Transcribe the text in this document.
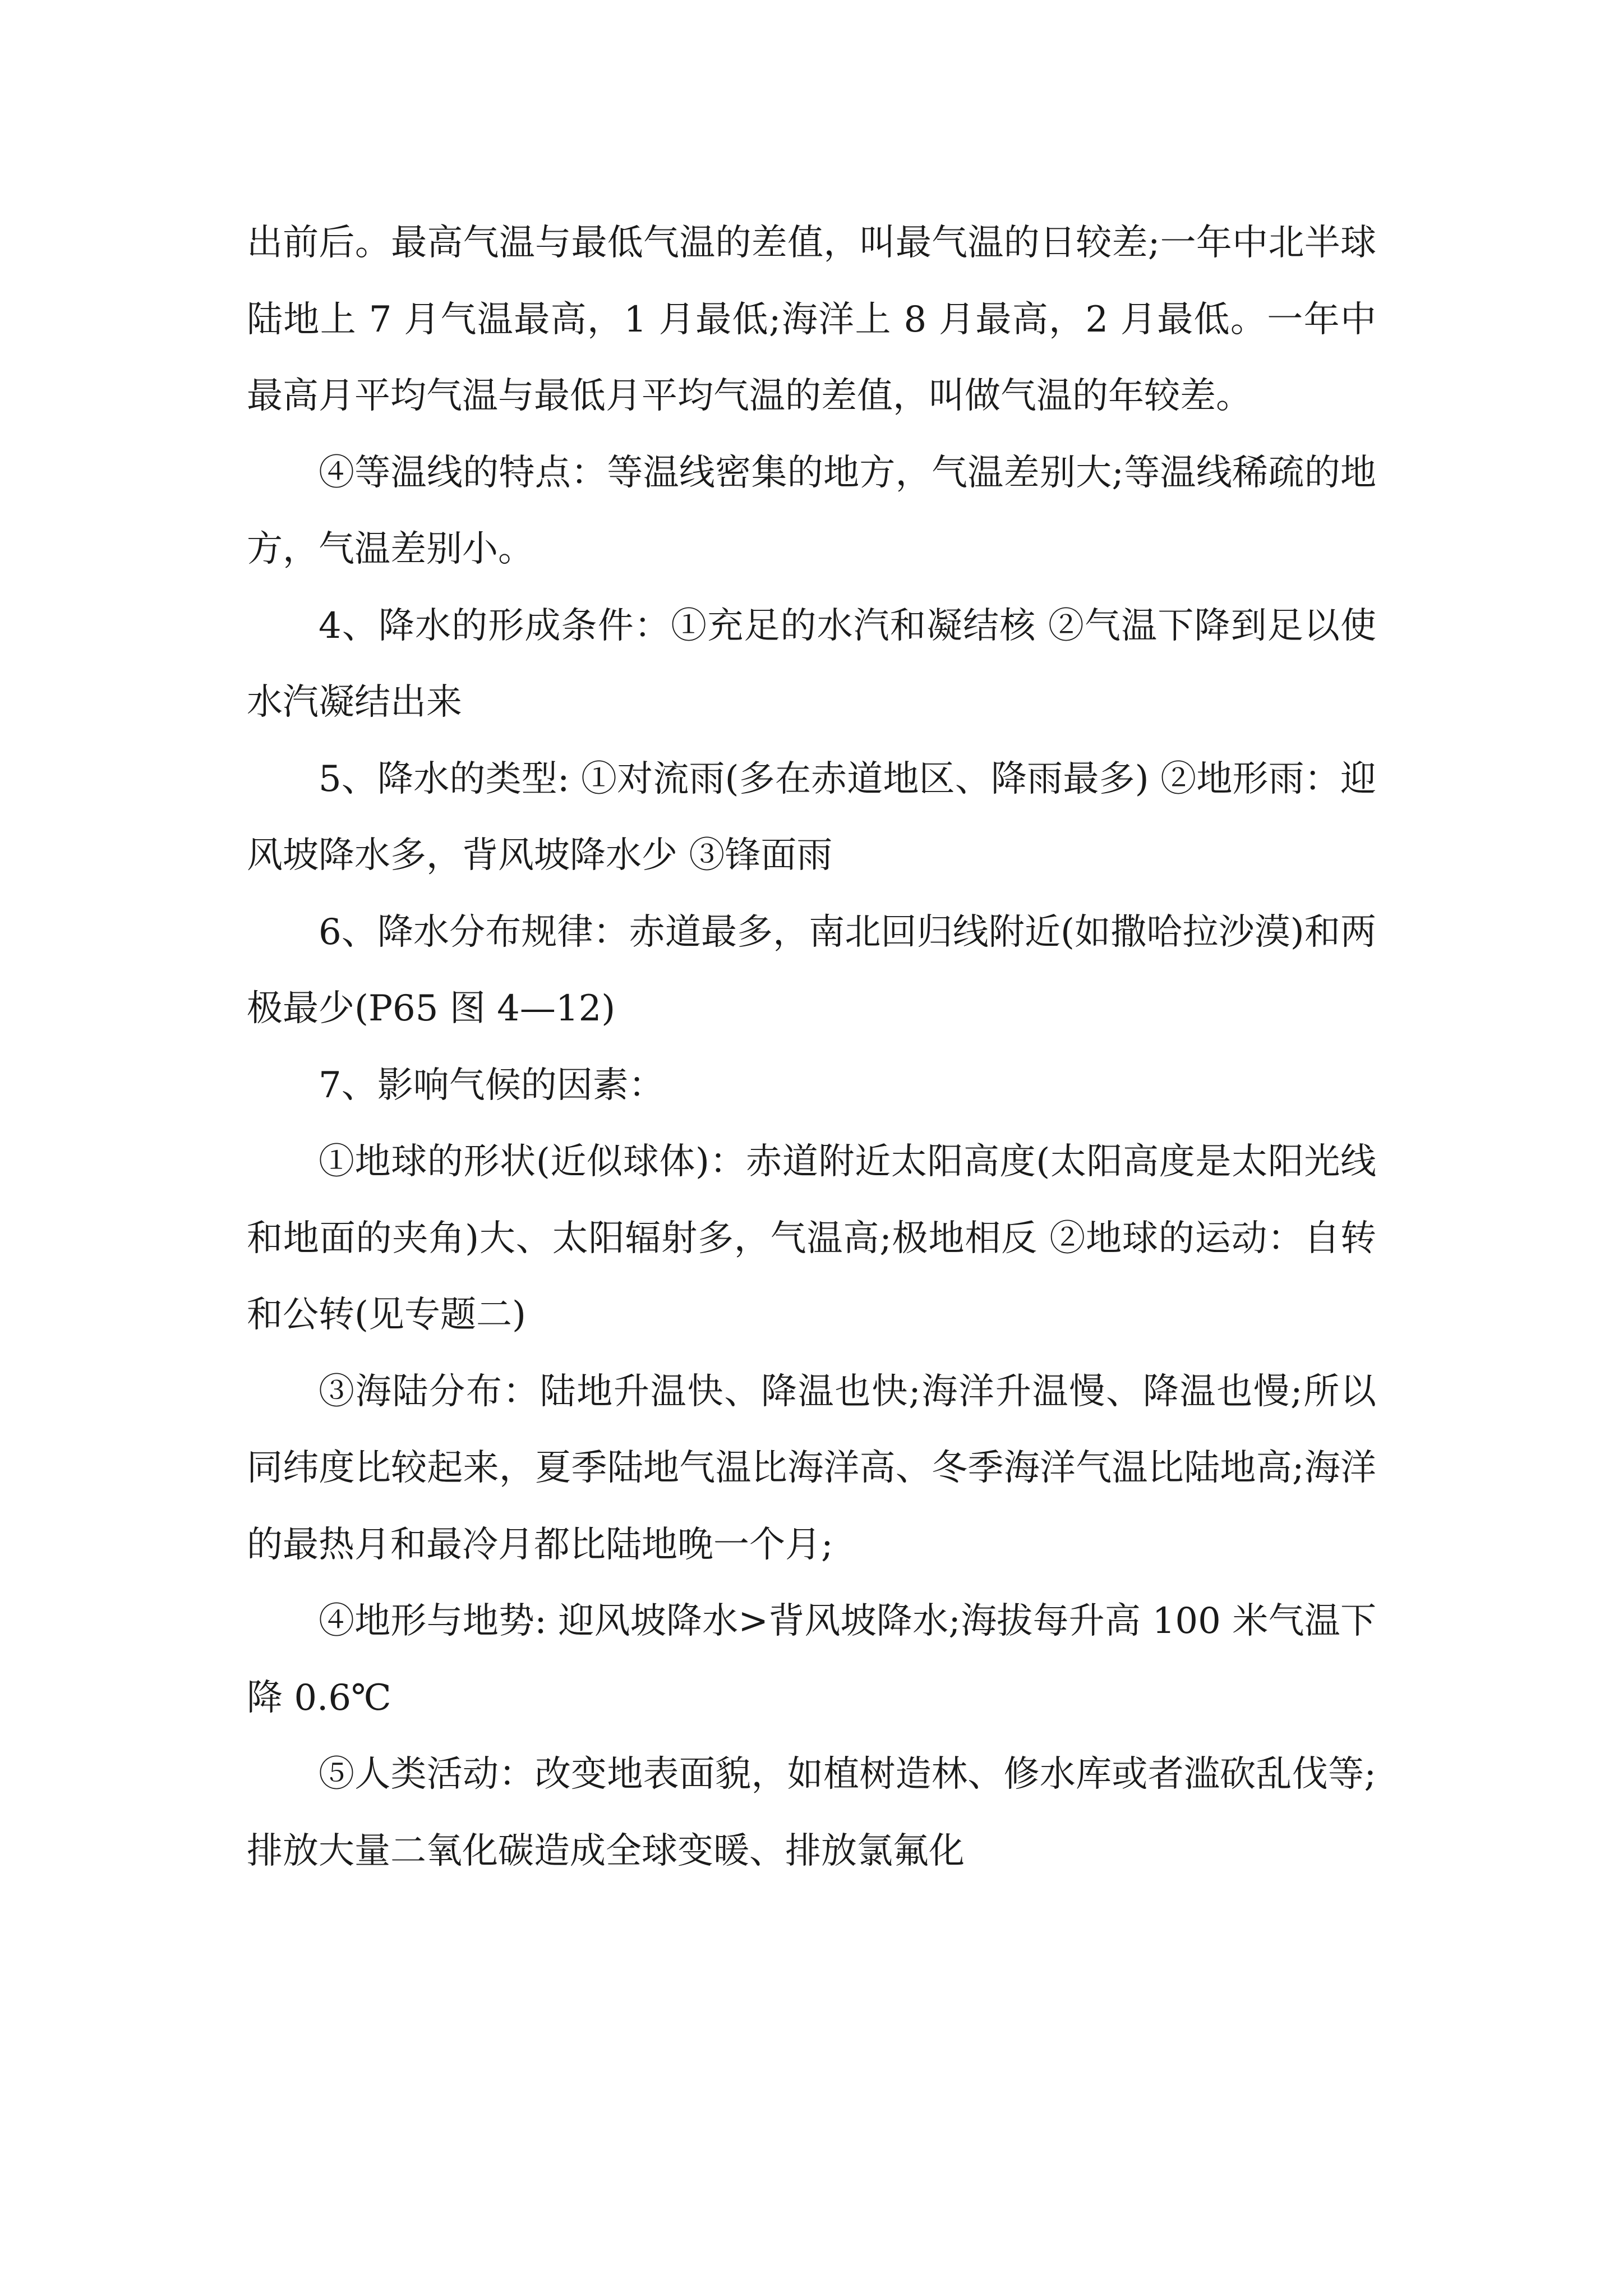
出前后。最高气温与最低气温的差值，叫最气温的日较差;一年中北半球陆地上 7 月气温最高，1 月最低;海洋上 8 月最高，2 月最低。一年中最高月平均气温与最低月平均气温的差值，叫做气温的年较差。

④等温线的特点：等温线密集的地方，气温差别大;等温线稀疏的地方，气温差别小。

4、降水的形成条件：①充足的水汽和凝结核 ②气温下降到足以使水汽凝结出来

5、降水的类型: ①对流雨(多在赤道地区、降雨最多) ②地形雨：迎风坡降水多，背风坡降水少 ③锋面雨

6、降水分布规律：赤道最多，南北回归线附近(如撒哈拉沙漠)和两极最少(P65 图 4—12)

7、影响气候的因素：

①地球的形状(近似球体)：赤道附近太阳高度(太阳高度是太阳光线和地面的夹角)大、太阳辐射多，气温高;极地相反 ②地球的运动：自转和公转(见专题二)

③海陆分布：陆地升温快、降温也快;海洋升温慢、降温也慢;所以同纬度比较起来，夏季陆地气温比海洋高、冬季海洋气温比陆地高;海洋的最热月和最冷月都比陆地晚一个月;

④地形与地势: 迎风坡降水>背风坡降水;海拔每升高 100 米气温下降 0.6℃

⑤人类活动：改变地表面貌，如植树造林、修水库或者滥砍乱伐等;排放大量二氧化碳造成全球变暖、排放氯氟化
